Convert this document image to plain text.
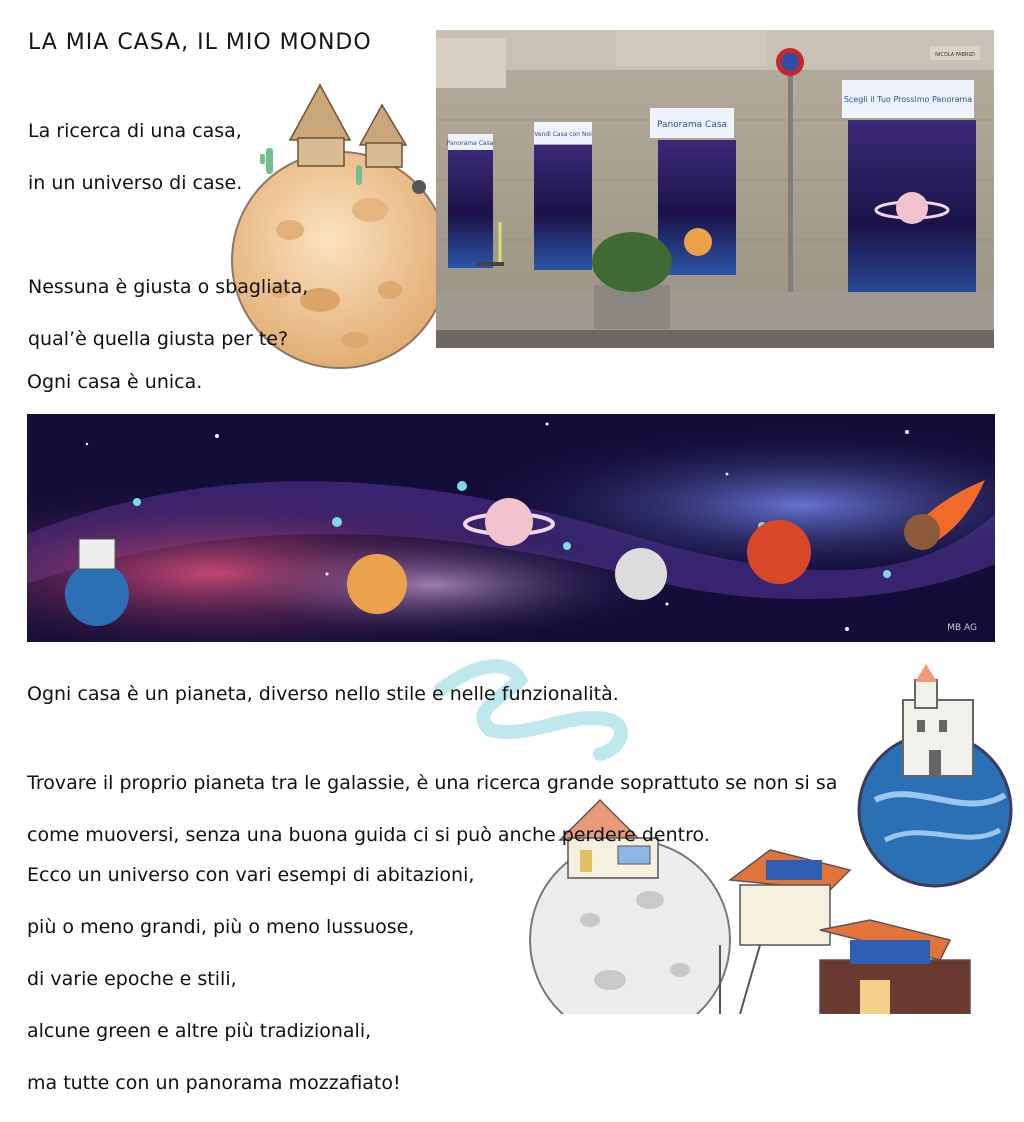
LA MIA CASA, IL MIO MONDO

La ricerca di una casa,

in un universo di case.

Nessuna è giusta o sbagliata,

qual’è quella giusta per te?

Panorama Casa
Vendi Casa con Noi
Panorama Casa
Scegli il Tuo Prossimo Panorama
NICOLA FABRIZI

Ogni casa è unica.

MB AG
Ogni casa è un pianeta, diverso nello stile e nelle funzionalità.

Trovare il proprio pianeta tra le galassie, è una ricerca grande soprattuto se non si sa

come muoversi, senza una buona guida ci si può anche perdere dentro.

Ecco un universo con vari esempi di abitazioni,

più o meno grandi, più o meno lussuose,

di varie epoche e stili,

alcune green e altre più tradizionali,

ma tutte con un panorama mozzafiato!
